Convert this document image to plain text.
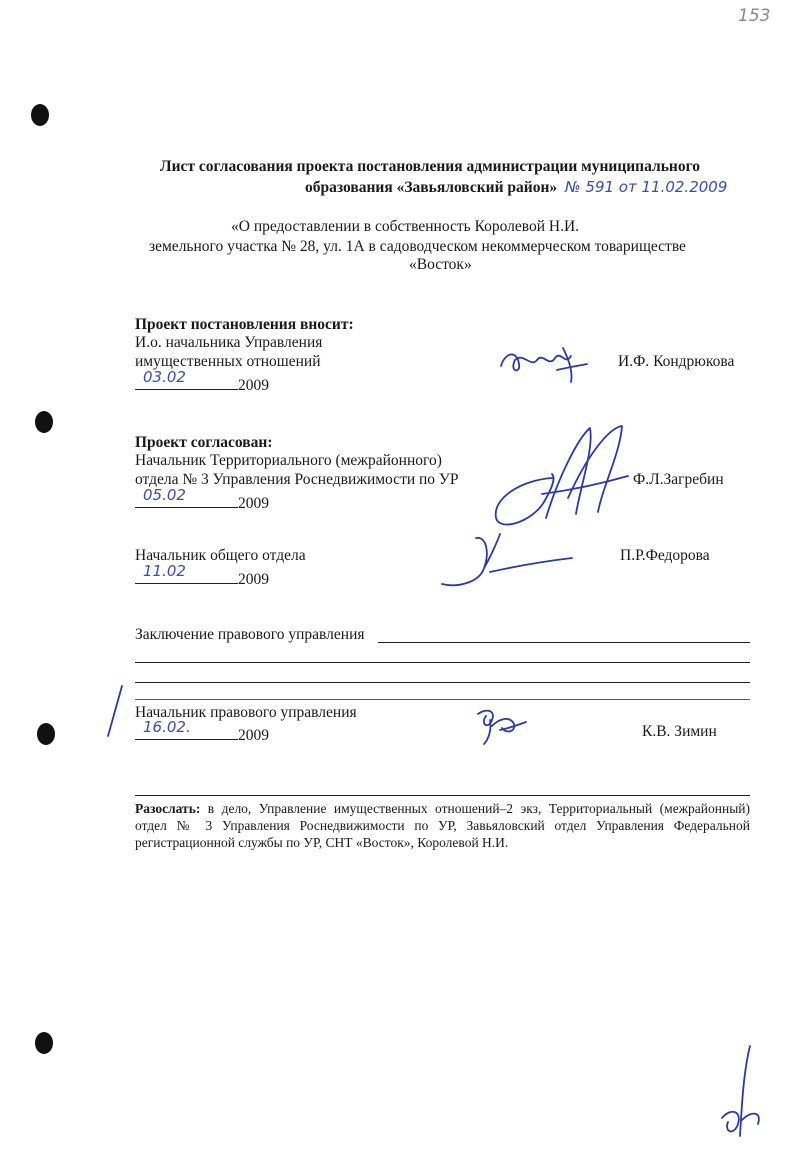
153
Лист согласования проекта постановления администрации муниципального
образования «Завьяловский район» № 591 от 11.02.2009
«О предоставлении в собственность Королевой Н.И.
земельного участка № 28, ул. 1А в садоводческом некоммерческом товариществе
«Восток»
Проект постановления вносит:
И.о. начальника Управления
имущественных отношений
03.02	2009
И.Ф. Кондрюкова
Проект согласован:
Начальник Территориального (межрайонного)
отдела № 3 Управления Роснедвижимости по УР
05.02	2009
Ф.Л.Загребин
Начальник общего отдела
11.02	2009
П.Р.Федорова
Заключение правового управления
Начальник правового управления
16.02.	2009	К.В. Зимин
Разослать: в дело, Управление имущественных отношений–2 экз, Территориальный (межрайонный) отдел № 3 Управления Роснедвижимости по УР, Завьяловский отдел Управления Федеральной регистрационной службы по УР, СНТ «Восток», Королевой Н.И.
